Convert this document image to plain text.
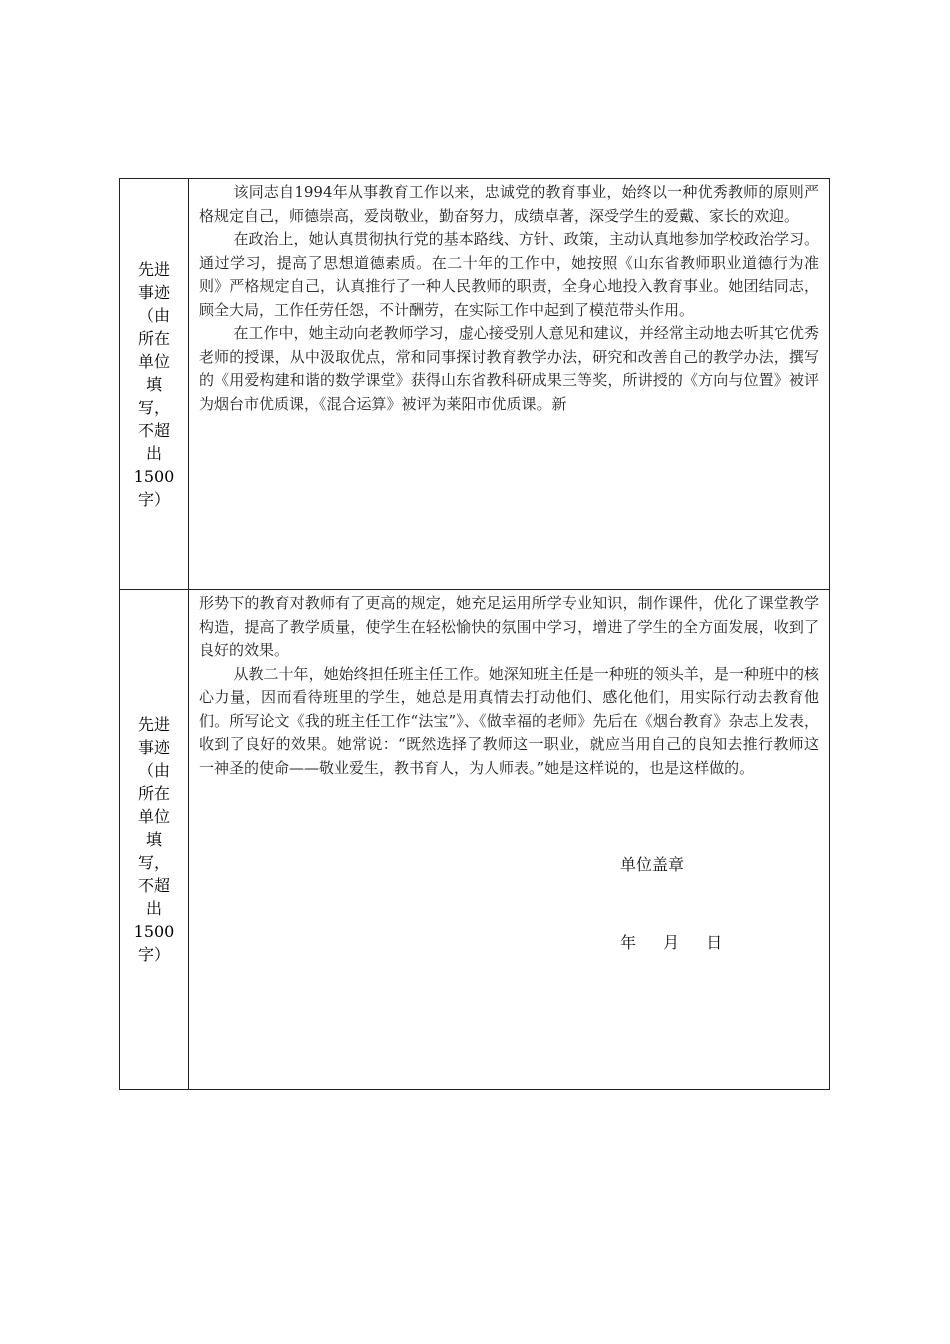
先进
事迹
（由
所在
单位
填
写，
不超
出
1500
字）

该同志自1994年从事教育工作以来，忠诚党的教育事业，始终以一种优秀教师的原则严格规定自己，师德崇高，爱岗敬业，勤奋努力，成绩卓著，深受学生的爱戴、家长的欢迎。

在政治上，她认真贯彻执行党的基本路线、方针、政策，主动认真地参加学校政治学习。通过学习，提高了思想道德素质。在二十年的工作中，她按照《山东省教师职业道德行为准则》严格规定自己，认真推行了一种人民教师的职责，全身心地投入教育事业。她团结同志，顾全大局，工作任劳任怨，不计酬劳，在实际工作中起到了模范带头作用。

在工作中，她主动向老教师学习，虚心接受别人意见和建议，并经常主动地去听其它优秀老师的授课，从中汲取优点，常和同事探讨教育教学办法，研究和改善自己的教学办法，撰写的《用爱构建和谐的数学课堂》获得山东省教科研成果三等奖，所讲授的《方向与位置》被评为烟台市优质课，《混合运算》被评为莱阳市优质课。新

先进
事迹
（由
所在
单位
填
写，
不超
出
1500
字）

形势下的教育对教师有了更高的规定，她充足运用所学专业知识，制作课件，优化了课堂教学构造，提高了教学质量，使学生在轻松愉快的氛围中学习，增进了学生的全方面发展，收到了良好的效果。

从教二十年，她始终担任班主任工作。她深知班主任是一种班的领头羊，是一种班中的核心力量，因而看待班里的学生，她总是用真情去打动他们、感化他们，用实际行动去教育他们。所写论文《我的班主任工作“法宝”》、《做幸福的老师》先后在《烟台教育》杂志上发表，收到了良好的效果。她常说：“既然选择了教师这一职业，就应当用自己的良知去推行教师这一神圣的使命——敬业爱生，教书育人，为人师表。”她是这样说的，也是这样做的。

单位盖章
年 月 日
